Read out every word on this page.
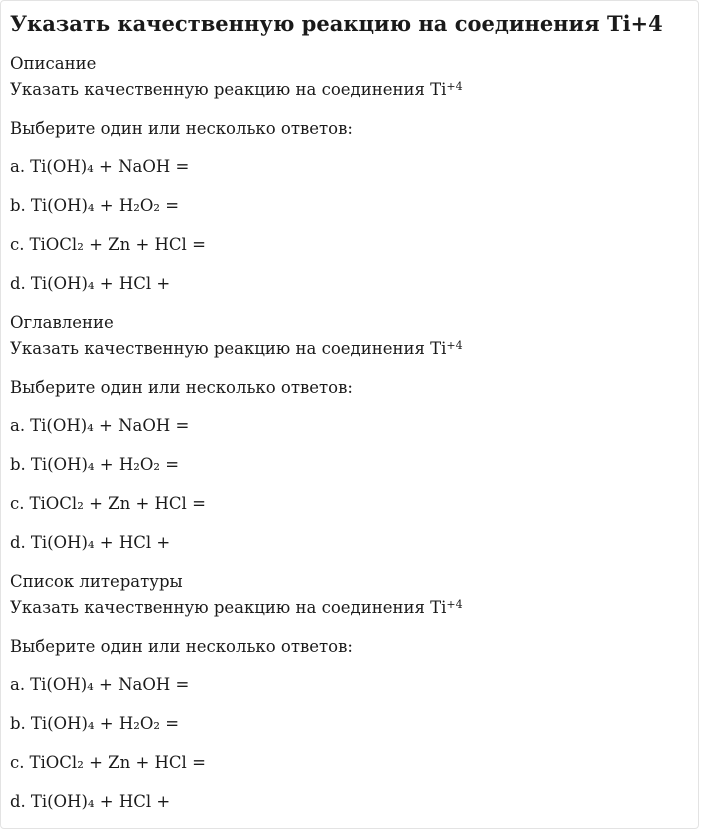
Указать качественную реакцию на соединения Ti+4

Описание

Указать качественную реакцию на соединения $Ti^{+4}$

Выберите один или несколько ответов:

a. Ti(OH)₄ + NaOH =

b. Ti(OH)₄ + H₂O₂ =

c. TiOCl₂ + Zn + HCl =

d. Ti(OH)₄ + HCl +

Оглавление

Указать качественную реакцию на соединения $Ti^{+4}$

Выберите один или несколько ответов:

a. Ti(OH)₄ + NaOH =

b. Ti(OH)₄ + H₂O₂ =

c. TiOCl₂ + Zn + HCl =

d. Ti(OH)₄ + HCl +

Список литературы

Указать качественную реакцию на соединения $Ti^{+4}$

Выберите один или несколько ответов:

a. Ti(OH)₄ + NaOH =

b. Ti(OH)₄ + H₂O₂ =

c. TiOCl₂ + Zn + HCl =

d. Ti(OH)₄ + HCl +
